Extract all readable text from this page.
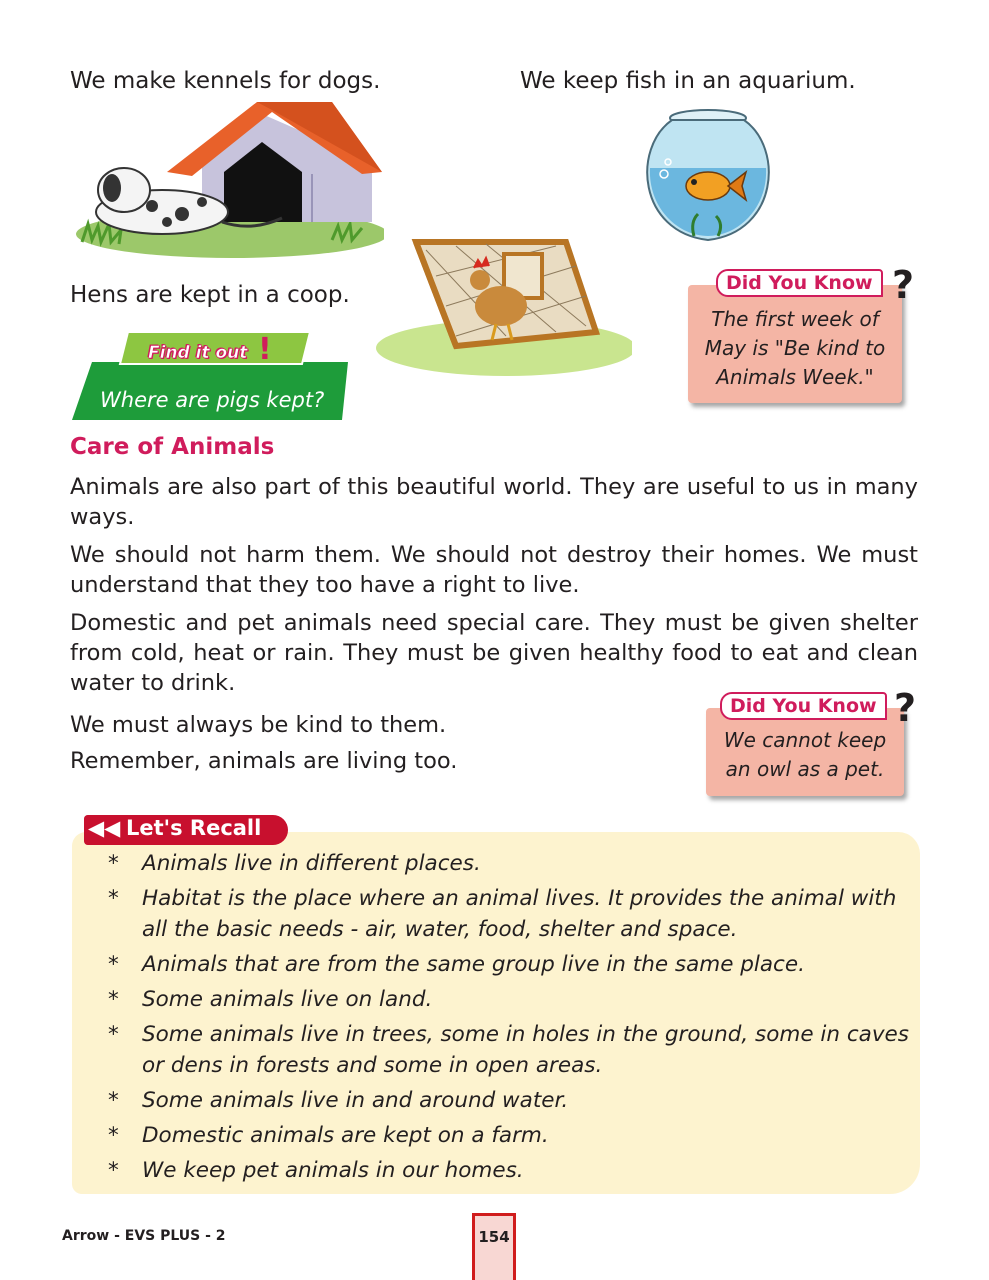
We make kennels for dogs.	We keep fish in an aquarium.
Hens are kept in a coop.	Did You Know ?
The first week of
May is "Be kind to
Animals Week."
Find it out !
Where are pigs kept?
Care of Animals
Animals are also part of this beautiful world. They are useful to us in many ways.
We should not harm them. We should not destroy their homes. We must understand that they too have a right to live.
Domestic and pet animals need special care. They must be given shelter from cold, heat or rain. They must be given healthy food to eat and clean water to drink.
We must always be kind to them.
Remember, animals are living too.
Did You Know ?
We cannot keep
an owl as a pet.
◀◀ Let's Recall
* Animals live in different places.
* Habitat is the place where an animal lives. It provides the animal with all the basic needs - air, water, food, shelter and space.
* Animals that are from the same group live in the same place.
* Some animals live on land.
* Some animals live in trees, some in holes in the ground, some in caves or dens in forests and some in open areas.
* Some animals live in and around water.
* Domestic animals are kept on a farm.
* We keep pet animals in our homes.
Arrow - EVS PLUS - 2	154
